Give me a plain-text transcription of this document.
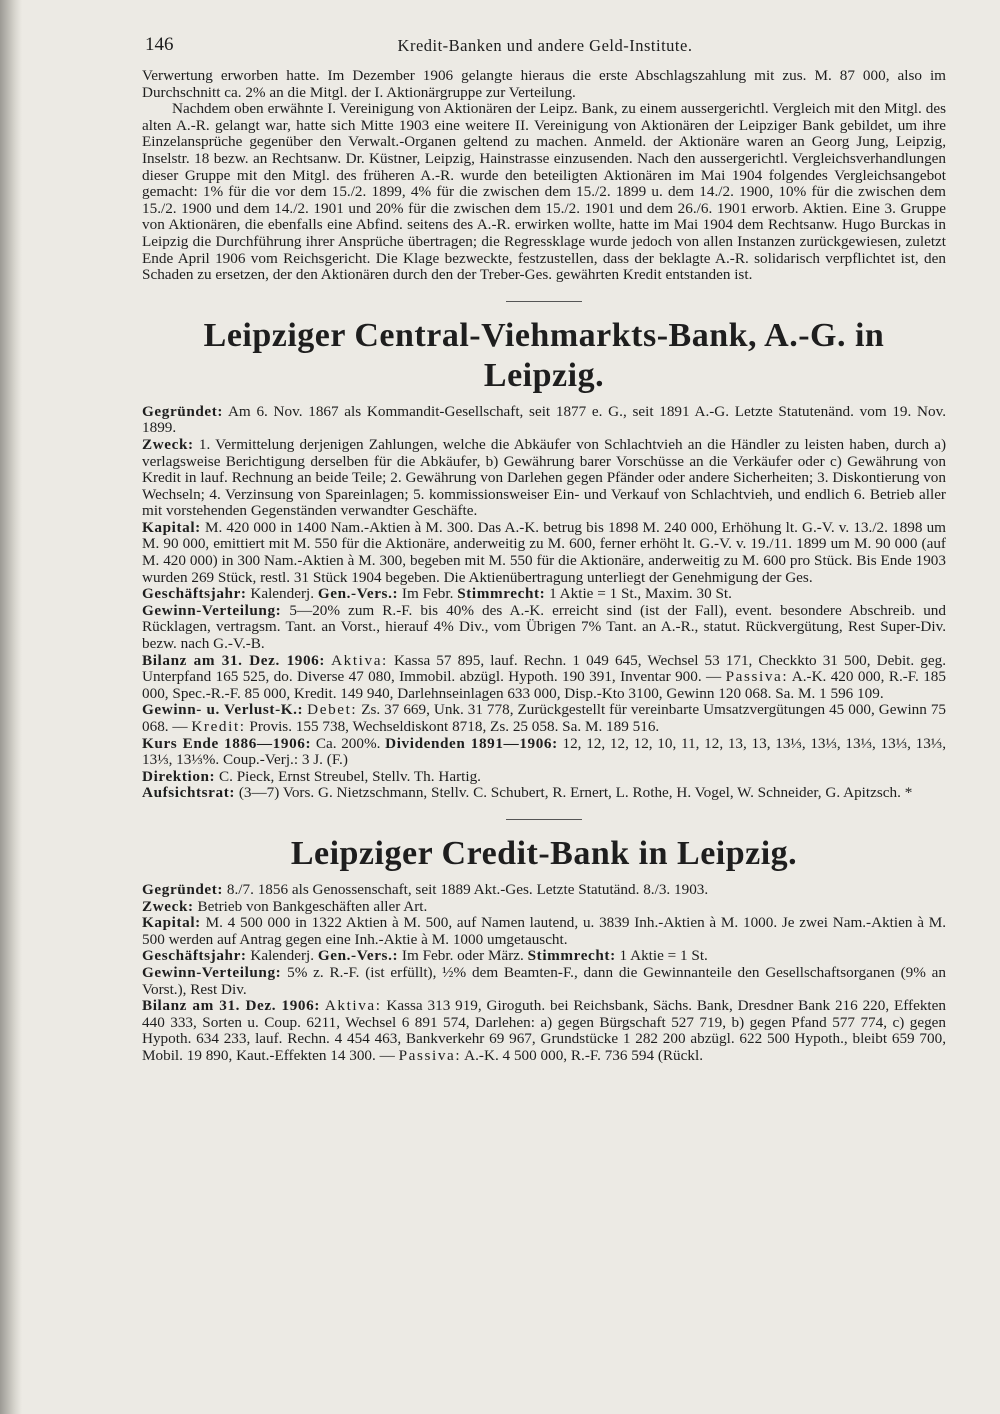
146	Kredit-Banken und andere Geld-Institute.

Verwertung erworben hatte. Im Dezember 1906 gelangte hieraus die erste Abschlagszahlung mit zus. M. 87 000, also im Durchschnitt ca. 2% an die Mitgl. der I. Aktionärgruppe zur Verteilung.

Nachdem oben erwähnte I. Vereinigung von Aktionären der Leipz. Bank, zu einem aussergerichtl. Vergleich mit den Mitgl. des alten A.-R. gelangt war, hatte sich Mitte 1903 eine weitere II. Vereinigung von Aktionären der Leipziger Bank gebildet, um ihre Einzelansprüche gegenüber den Verwalt.-Organen geltend zu machen. Anmeld. der Aktionäre waren an Georg Jung, Leipzig, Inselstr. 18 bezw. an Rechtsanw. Dr. Küstner, Leipzig, Hainstrasse einzusenden. Nach den aussergerichtl. Vergleichsverhandlungen dieser Gruppe mit den Mitgl. des früheren A.-R. wurde den beteiligten Aktionären im Mai 1904 folgendes Vergleichsangebot gemacht: 1% für die vor dem 15./2. 1899, 4% für die zwischen dem 15./2. 1899 u. dem 14./2. 1900, 10% für die zwischen dem 15./2. 1900 und dem 14./2. 1901 und 20% für die zwischen dem 15./2. 1901 und dem 26./6. 1901 erworb. Aktien. Eine 3. Gruppe von Aktionären, die ebenfalls eine Abfind. seitens des A.-R. erwirken wollte, hatte im Mai 1904 dem Rechtsanw. Hugo Burckas in Leipzig die Durchführung ihrer Ansprüche übertragen; die Regressklage wurde jedoch von allen Instanzen zurückgewiesen, zuletzt Ende April 1906 vom Reichsgericht. Die Klage bezweckte, festzustellen, dass der beklagte A.-R. solidarisch verpflichtet ist, den Schaden zu ersetzen, der den Aktionären durch den der Treber-Ges. gewährten Kredit entstanden ist.

Leipziger Central-Viehmarkts-Bank, A.-G. in Leipzig.

Gegründet: Am 6. Nov. 1867 als Kommandit-Gesellschaft, seit 1877 e. G., seit 1891 A.-G. Letzte Statutenänd. vom 19. Nov. 1899.

Zweck: 1. Vermittelung derjenigen Zahlungen, welche die Abkäufer von Schlachtvieh an die Händler zu leisten haben, durch a) verlagsweise Berichtigung derselben für die Abkäufer, b) Gewährung barer Vorschüsse an die Verkäufer oder c) Gewährung von Kredit in lauf. Rechnung an beide Teile; 2. Gewährung von Darlehen gegen Pfänder oder andere Sicherheiten; 3. Diskontierung von Wechseln; 4. Verzinsung von Spareinlagen; 5. kommissionsweiser Ein- und Verkauf von Schlachtvieh, und endlich 6. Betrieb aller mit vorstehenden Gegenständen verwandter Geschäfte.

Kapital: M. 420 000 in 1400 Nam.-Aktien à M. 300. Das A.-K. betrug bis 1898 M. 240 000, Erhöhung lt. G.-V. v. 13./2. 1898 um M. 90 000, emittiert mit M. 550 für die Aktionäre, anderweitig zu M. 600, ferner erhöht lt. G.-V. v. 19./11. 1899 um M. 90 000 (auf M. 420 000) in 300 Nam.-Aktien à M. 300, begeben mit M. 550 für die Aktionäre, anderweitig zu M. 600 pro Stück. Bis Ende 1903 wurden 269 Stück, restl. 31 Stück 1904 begeben. Die Aktienübertragung unterliegt der Genehmigung der Ges.

Geschäftsjahr: Kalenderj. Gen.-Vers.: Im Febr. Stimmrecht: 1 Aktie = 1 St., Maxim. 30 St.

Gewinn-Verteilung: 5—20% zum R.-F. bis 40% des A.-K. erreicht sind (ist der Fall), event. besondere Abschreib. und Rücklagen, vertragsm. Tant. an Vorst., hierauf 4% Div., vom Übrigen 7% Tant. an A.-R., statut. Rückvergütung, Rest Super-Div. bezw. nach G.-V.-B.

Bilanz am 31. Dez. 1906: Aktiva: Kassa 57 895, lauf. Rechn. 1 049 645, Wechsel 53 171, Checkkto 31 500, Debit. geg. Unterpfand 165 525, do. Diverse 47 080, Immobil. abzügl. Hypoth. 190 391, Inventar 900. — Passiva: A.-K. 420 000, R.-F. 185 000, Spec.-R.-F. 85 000, Kredit. 149 940, Darlehnseinlagen 633 000, Disp.-Kto 3100, Gewinn 120 068. Sa. M. 1 596 109.

Gewinn- u. Verlust-K.: Debet: Zs. 37 669, Unk. 31 778, Zurückgestellt für vereinbarte Umsatzvergütungen 45 000, Gewinn 75 068. — Kredit: Provis. 155 738, Wechseldiskont 8718, Zs. 25 058. Sa. M. 189 516.

Kurs Ende 1886—1906: Ca. 200%. Dividenden 1891—1906: 12, 12, 12, 12, 10, 11, 12, 13, 13, 13⅓, 13⅓, 13⅓, 13⅓, 13⅓, 13⅓, 13⅓%. Coup.-Verj.: 3 J. (F.)

Direktion: C. Pieck, Ernst Streubel, Stellv. Th. Hartig.

Aufsichtsrat: (3—7) Vors. G. Nietzschmann, Stellv. C. Schubert, R. Ernert, L. Rothe, H. Vogel, W. Schneider, G. Apitzsch. *

Leipziger Credit-Bank in Leipzig.

Gegründet: 8./7. 1856 als Genossenschaft, seit 1889 Akt.-Ges. Letzte Statutänd. 8./3. 1903.

Zweck: Betrieb von Bankgeschäften aller Art.

Kapital: M. 4 500 000 in 1322 Aktien à M. 500, auf Namen lautend, u. 3839 Inh.-Aktien à M. 1000. Je zwei Nam.-Aktien à M. 500 werden auf Antrag gegen eine Inh.-Aktie à M. 1000 umgetauscht.

Geschäftsjahr: Kalenderj. Gen.-Vers.: Im Febr. oder März. Stimmrecht: 1 Aktie = 1 St.

Gewinn-Verteilung: 5% z. R.-F. (ist erfüllt), ½% dem Beamten-F., dann die Gewinnanteile den Gesellschaftsorganen (9% an Vorst.), Rest Div.

Bilanz am 31. Dez. 1906: Aktiva: Kassa 313 919, Giroguth. bei Reichsbank, Sächs. Bank, Dresdner Bank 216 220, Effekten 440 333, Sorten u. Coup. 6211, Wechsel 6 891 574, Darlehen: a) gegen Bürgschaft 527 719, b) gegen Pfand 577 774, c) gegen Hypoth. 634 233, lauf. Rechn. 4 454 463, Bankverkehr 69 967, Grundstücke 1 282 200 abzügl. 622 500 Hypoth., bleibt 659 700, Mobil. 19 890, Kaut.-Effekten 14 300. — Passiva: A.-K. 4 500 000, R.-F. 736 594 (Rückl.
